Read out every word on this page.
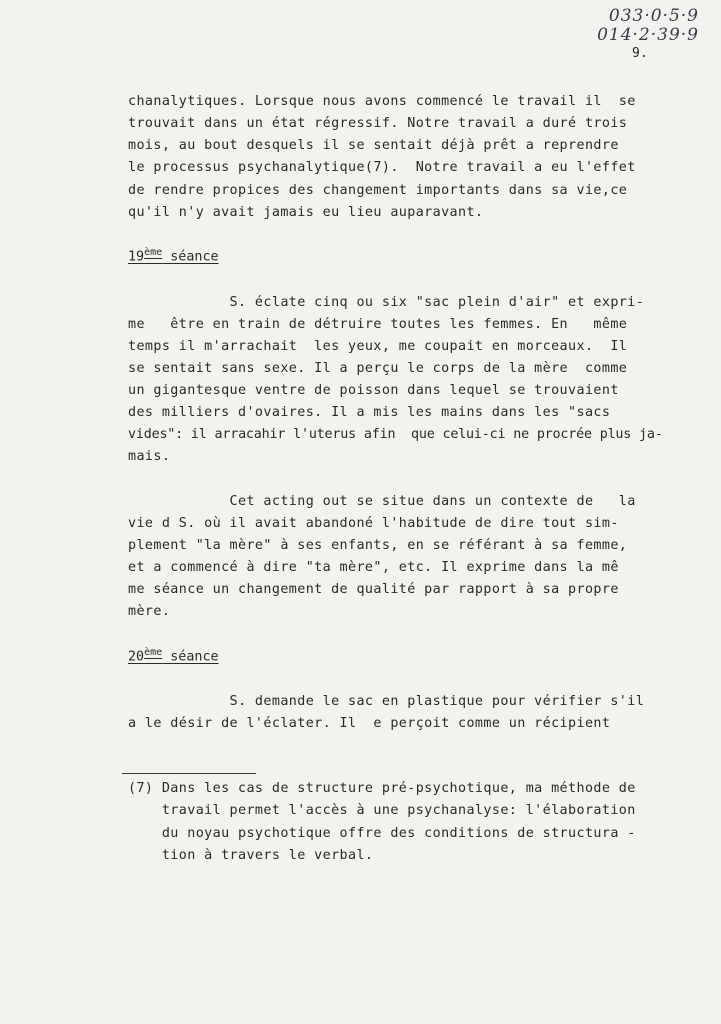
033·0·5·9
014·2·39·9
9.
chanalytiques. Lorsque nous avons commencé le travail il  se
trouvait dans un état régressif. Notre travail a duré trois
mois, au bout desquels il se sentait déjà prêt a reprendre
le processus psychanalytique(7).  Notre travail a eu l'effet
de rendre propices des changement importants dans sa vie,ce
qu'il n'y avait jamais eu lieu auparavant.
19ème séance
S. éclate cinq ou six "sac plein d'air" et expri-
me   être en train de détruire toutes les femmes. En   même
temps il m'arrachait  les yeux, me coupait en morceaux.  Il
se sentait sans sexe. Il a perçu le corps de la mère  comme
un gigantesque ventre de poisson dans lequel se trouvaient
des milliers d'ovaires. Il a mis les mains dans les "sacs
vides": il arracahir l'uterus afin  que celui-ci ne procrée plus ja-
mais.
Cet acting out se situe dans un contexte de   la
vie d S. où il avait abandoné l'habitude de dire tout sim-
plement "la mère" à ses enfants, en se référant à sa femme,
et a commencé à dire "ta mère", etc. Il exprime dans la mê
me séance un changement de qualité par rapport à sa propre
mère.
20ème séance
S. demande le sac en plastique pour vérifier s'il
a le désir de l'éclater. Il  e perçoit comme un récipient
(7) Dans les cas de structure pré-psychotique, ma méthode de
travail permet l'accès à une psychanalyse: l'élaboration
du noyau psychotique offre des conditions de structura -
tion à travers le verbal.
